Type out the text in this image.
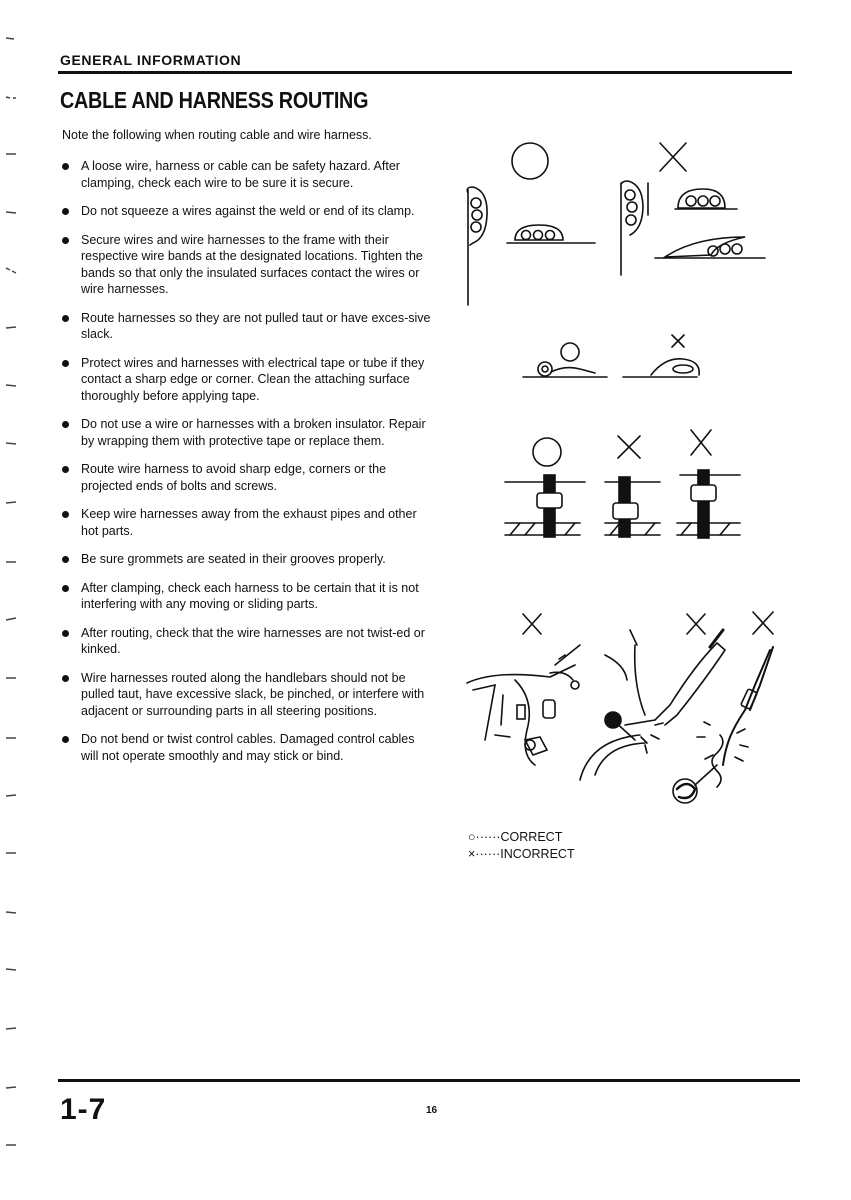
GENERAL INFORMATION
CABLE AND HARNESS ROUTING
Note the following when routing cable and wire harness.
A loose wire, harness or cable can be safety hazard. After clamping, check each wire to be sure it is secure.
Do not squeeze a wires against the weld or end of its clamp.
Secure wires and wire harnesses to the frame with their respective wire bands at the designated locations. Tighten the bands so that only the insulated surfaces contact the wires or wire harnesses.
Route harnesses so they are not pulled taut or have exces-sive slack.
Protect wires and harnesses with electrical tape or tube if they contact a sharp edge or corner. Clean the attaching surface thoroughly before applying tape.
Do not use a wire or harnesses with a broken insulator. Repair by wrapping them with protective tape or replace them.
Route wire harness to avoid sharp edge, corners or the projected ends of bolts and screws.
Keep wire harnesses away from the exhaust pipes and other hot parts.
Be sure grommets are seated in their grooves properly.
After clamping, check each harness to be certain that it is not interfering with any moving or sliding parts.
After routing, check that the wire harnesses are not twist-ed or kinked.
Wire harnesses routed along the handlebars should not be pulled taut, have excessive slack, be pinched, or interfere with adjacent or surrounding parts in all steering positions.
Do not bend or twist control cables. Damaged control cables will not operate smoothly and may stick or bind.
○······CORRECT
×······INCORRECT
1-7	16
